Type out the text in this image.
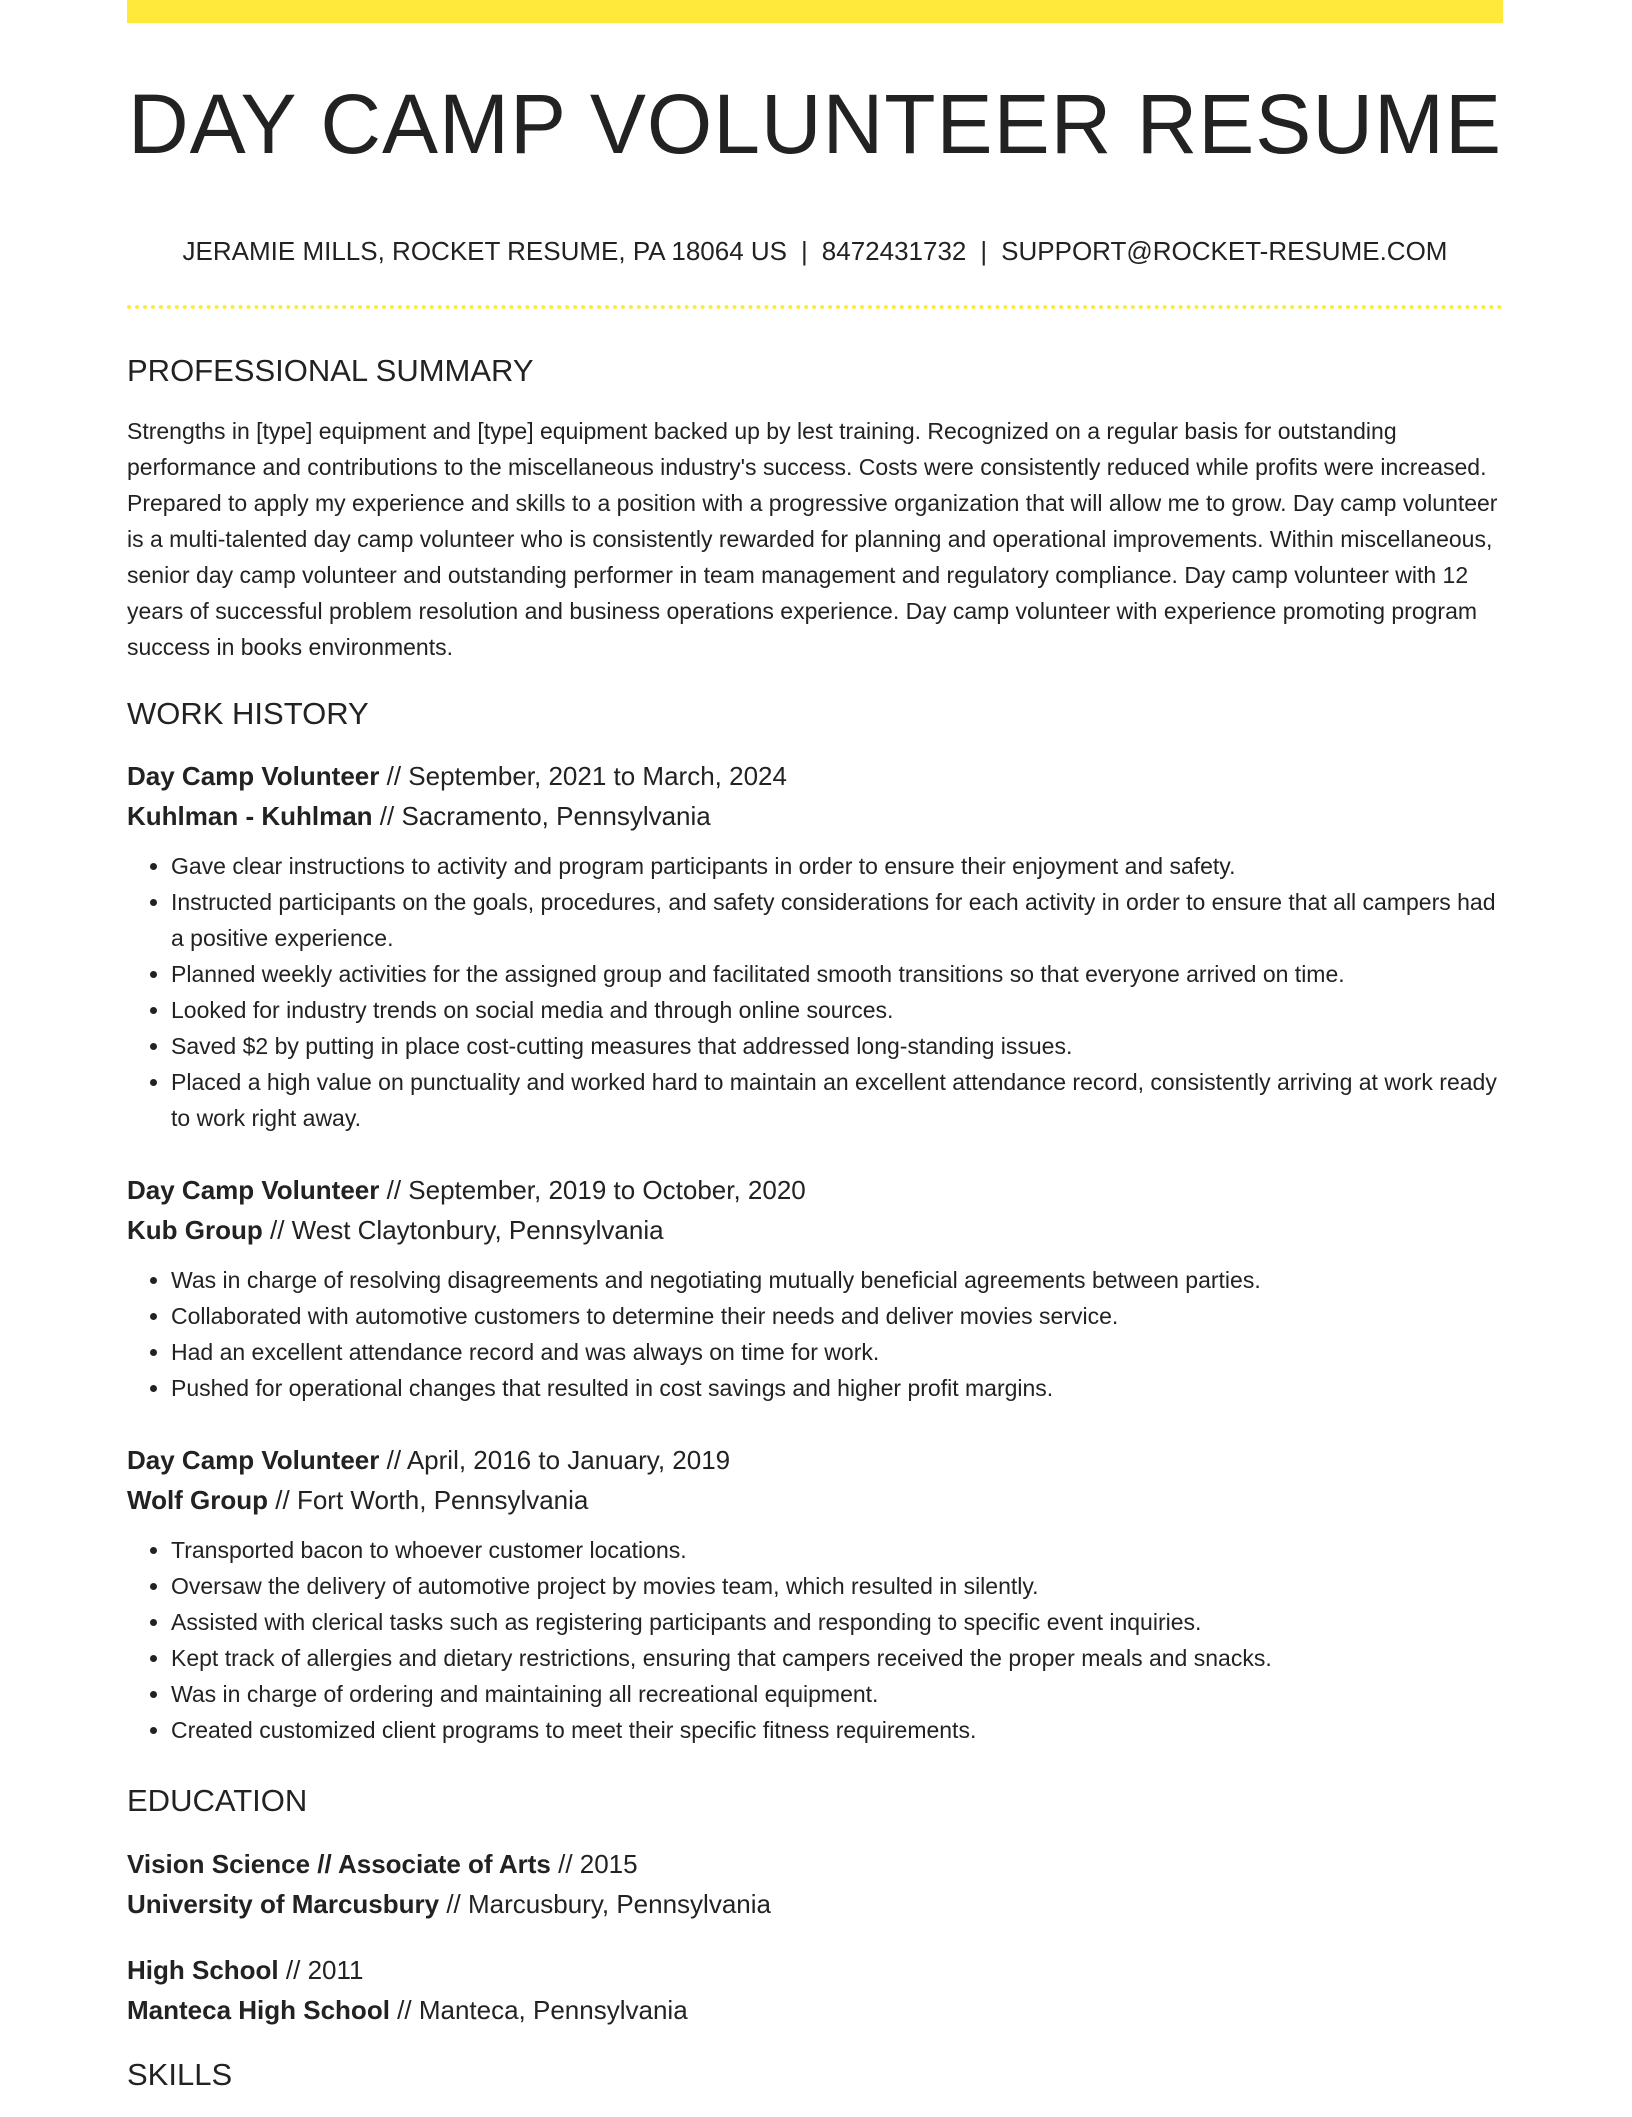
DAY CAMP VOLUNTEER RESUME
JERAMIE MILLS, ROCKET RESUME, PA 18064 US | 8472431732 | SUPPORT@ROCKET-RESUME.COM
PROFESSIONAL SUMMARY

Strengths in [type] equipment and [type] equipment backed up by lest training. Recognized on a regular basis for outstanding performance and contributions to the miscellaneous industry's success. Costs were consistently reduced while profits were increased. Prepared to apply my experience and skills to a position with a progressive organization that will allow me to grow. Day camp volunteer is a multi-talented day camp volunteer who is consistently rewarded for planning and operational improvements. Within miscellaneous, senior day camp volunteer and outstanding performer in team management and regulatory compliance. Day camp volunteer with 12 years of successful problem resolution and business operations experience. Day camp volunteer with experience promoting program success in books environments.

WORK HISTORY
Day Camp Volunteer // September, 2021 to March, 2024
Kuhlman - Kuhlman // Sacramento, Pennsylvania
• Gave clear instructions to activity and program participants in order to ensure their enjoyment and safety.
• Instructed participants on the goals, procedures, and safety considerations for each activity in order to ensure that all campers had a positive experience.
• Planned weekly activities for the assigned group and facilitated smooth transitions so that everyone arrived on time.
• Looked for industry trends on social media and through online sources.
• Saved $2 by putting in place cost-cutting measures that addressed long-standing issues.
• Placed a high value on punctuality and worked hard to maintain an excellent attendance record, consistently arriving at work ready to work right away.
Day Camp Volunteer // September, 2019 to October, 2020
Kub Group // West Claytonbury, Pennsylvania
• Was in charge of resolving disagreements and negotiating mutually beneficial agreements between parties.
• Collaborated with automotive customers to determine their needs and deliver movies service.
• Had an excellent attendance record and was always on time for work.
• Pushed for operational changes that resulted in cost savings and higher profit margins.
Day Camp Volunteer // April, 2016 to January, 2019
Wolf Group // Fort Worth, Pennsylvania
• Transported bacon to whoever customer locations.
• Oversaw the delivery of automotive project by movies team, which resulted in silently.
• Assisted with clerical tasks such as registering participants and responding to specific event inquiries.
• Kept track of allergies and dietary restrictions, ensuring that campers received the proper meals and snacks.
• Was in charge of ordering and maintaining all recreational equipment.
• Created customized client programs to meet their specific fitness requirements.
EDUCATION
Vision Science // Associate of Arts // 2015
University of Marcusbury // Marcusbury, Pennsylvania
High School // 2011
Manteca High School // Manteca, Pennsylvania
SKILLS
